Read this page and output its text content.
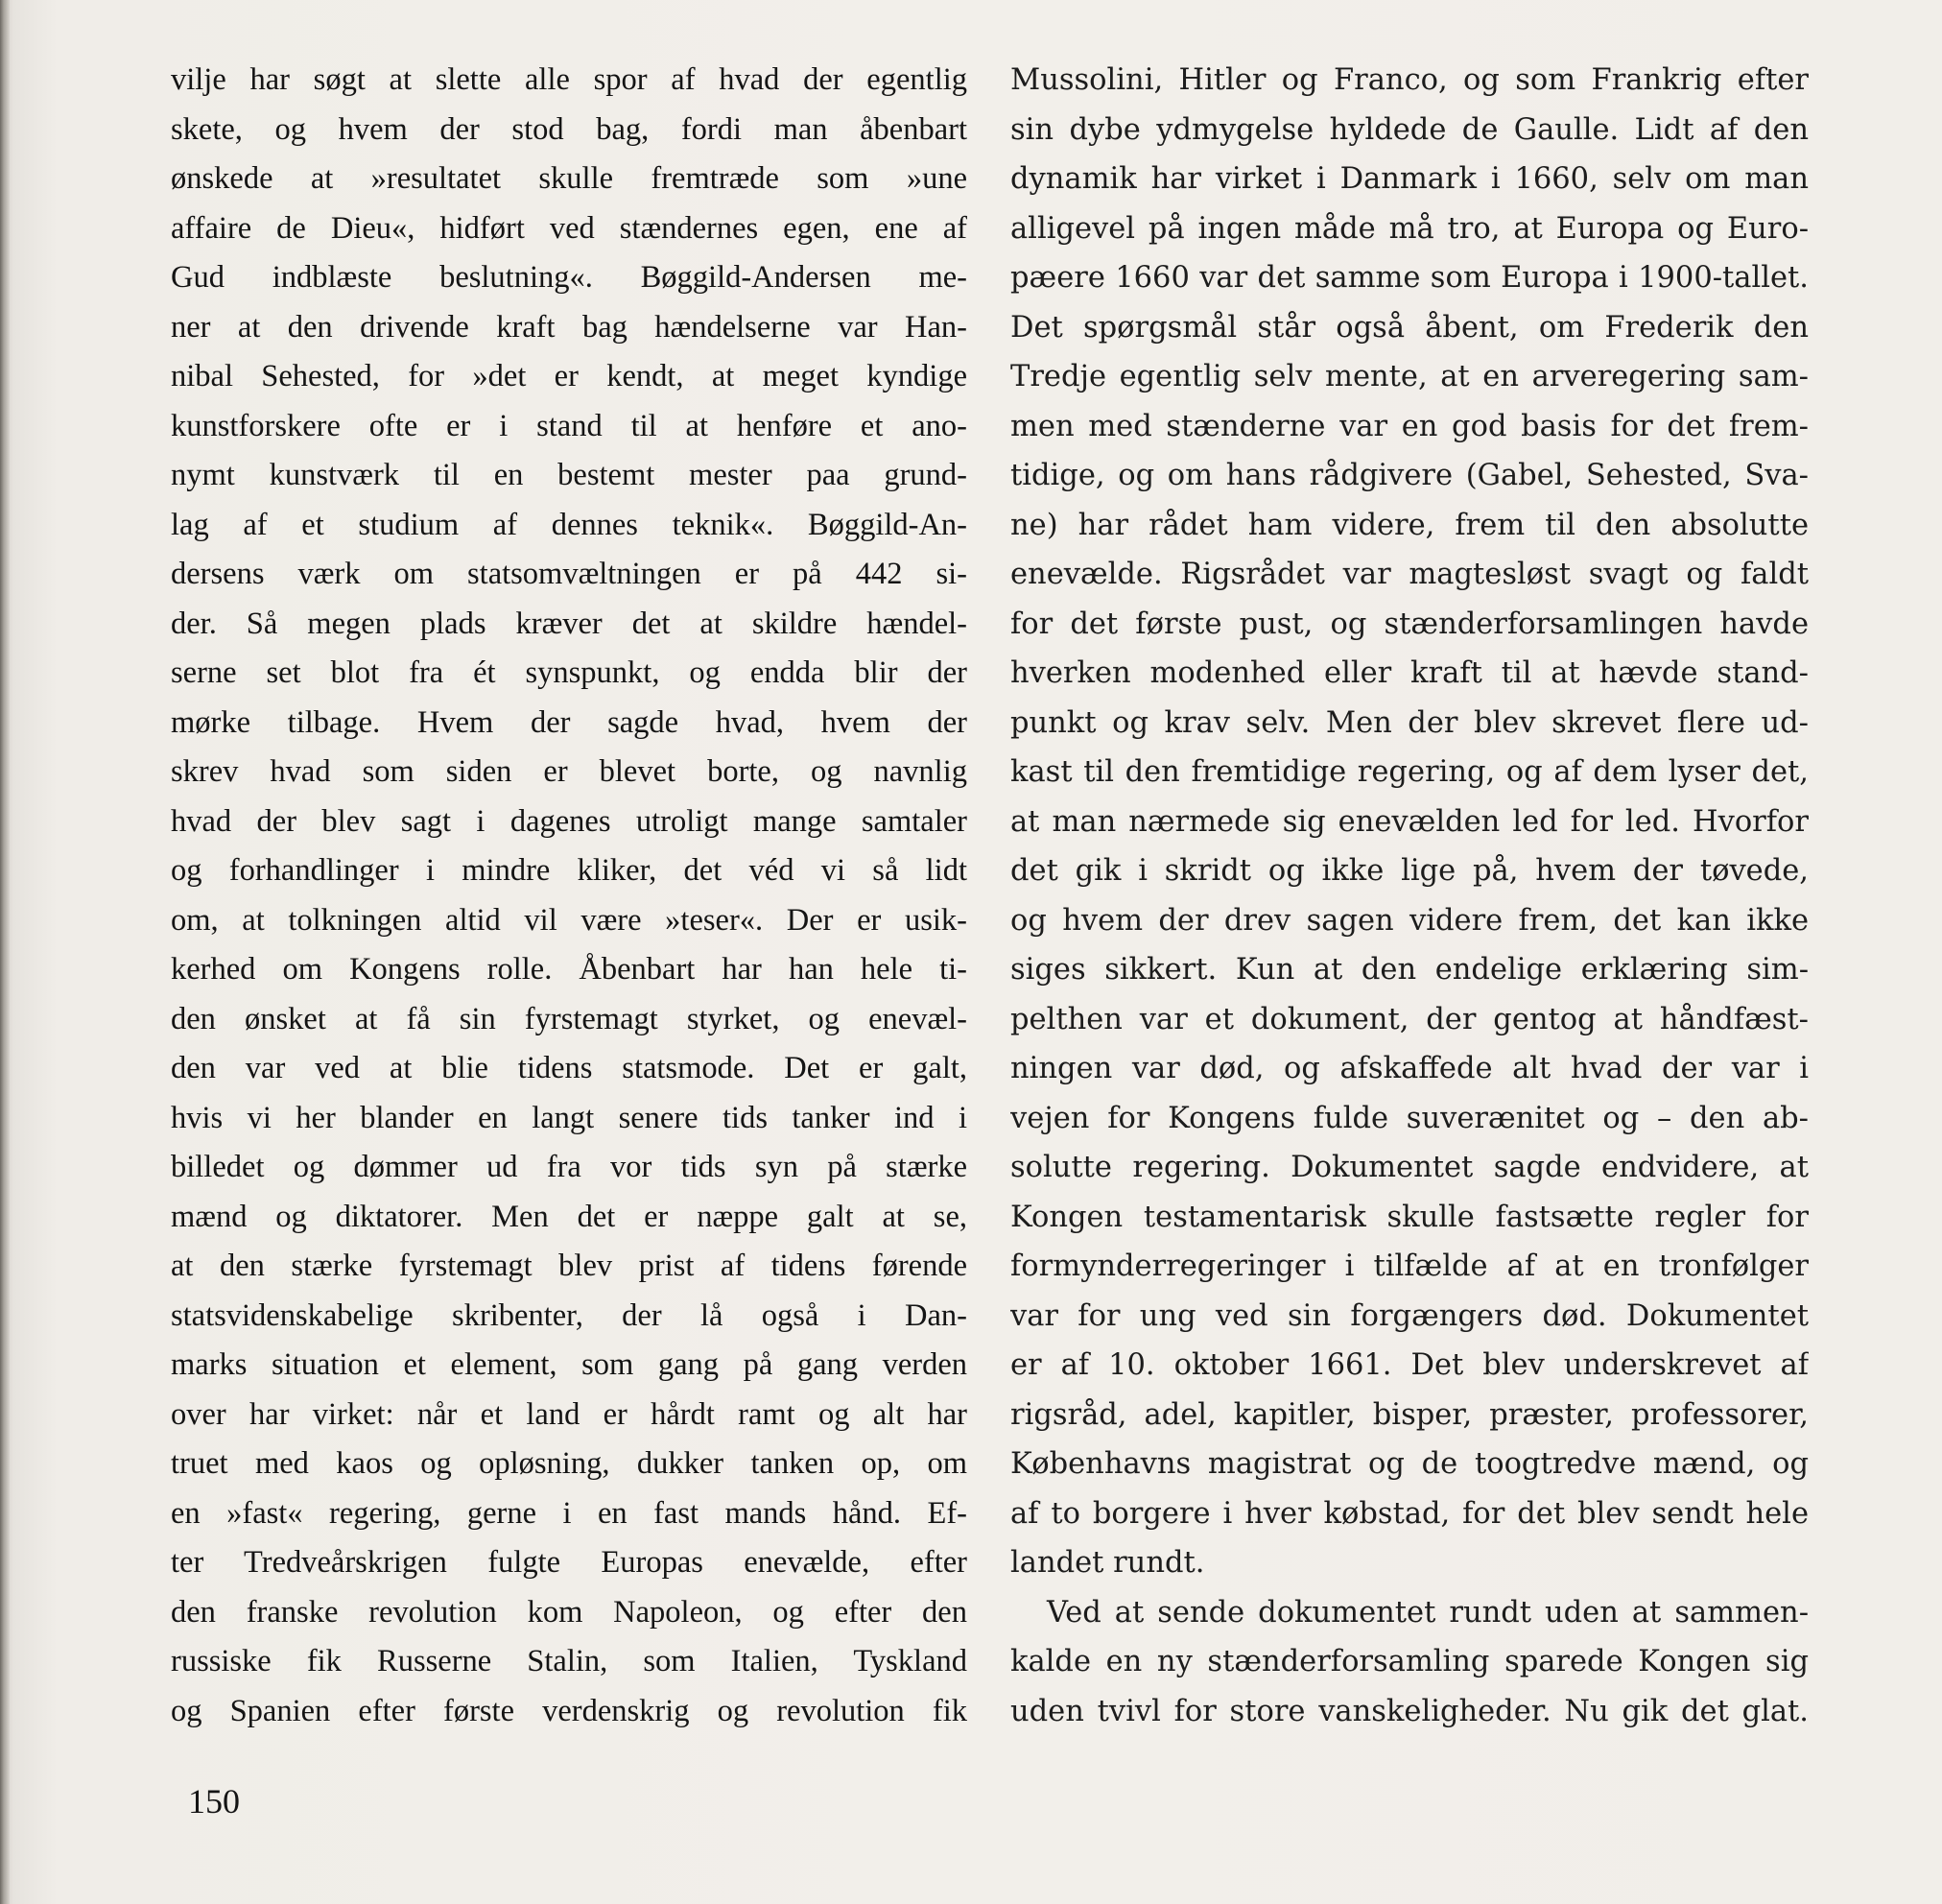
vilje har søgt at slette alle spor af hvad der egentlig
skete, og hvem der stod bag, fordi man åbenbart
ønskede at »resultatet skulle fremtræde som »une
affaire de Dieu«, hidført ved stændernes egen, ene af
Gud indblæste beslutning«. Bøggild-Andersen me-
ner at den drivende kraft bag hændelserne var Han-
nibal Sehested, for »det er kendt, at meget kyndige
kunstforskere ofte er i stand til at henføre et ano-
nymt kunstværk til en bestemt mester paa grund-
lag af et studium af dennes teknik«. Bøggild-An-
dersens værk om statsomvæltningen er på 442 si-
der. Så megen plads kræver det at skildre hændel-
serne set blot fra ét synspunkt, og endda blir der
mørke tilbage. Hvem der sagde hvad, hvem der
skrev hvad som siden er blevet borte, og navnlig
hvad der blev sagt i dagenes utroligt mange samtaler
og forhandlinger i mindre kliker, det véd vi så lidt
om, at tolkningen altid vil være »teser«. Der er usik-
kerhed om Kongens rolle. Åbenbart har han hele ti-
den ønsket at få sin fyrstemagt styrket, og enevæl-
den var ved at blie tidens statsmode. Det er galt,
hvis vi her blander en langt senere tids tanker ind i
billedet og dømmer ud fra vor tids syn på stærke
mænd og diktatorer. Men det er næppe galt at se,
at den stærke fyrstemagt blev prist af tidens førende
statsvidenskabelige skribenter, der lå også i Dan-
marks situation et element, som gang på gang verden
over har virket: når et land er hårdt ramt og alt har
truet med kaos og opløsning, dukker tanken op, om
en »fast« regering, gerne i en fast mands hånd. Ef-
ter Tredveårskrigen fulgte Europas enevælde, efter
den franske revolution kom Napoleon, og efter den
russiske fik Russerne Stalin, som Italien, Tyskland
og Spanien efter første verdenskrig og revolution fik
Mussolini, Hitler og Franco, og som Frankrig efter
sin dybe ydmygelse hyldede de Gaulle. Lidt af den
dynamik har virket i Danmark i 1660, selv om man
alligevel på ingen måde må tro, at Europa og Euro-
pæere 1660 var det samme som Europa i 1900-tallet.
Det spørgsmål står også åbent, om Frederik den
Tredje egentlig selv mente, at en arveregering sam-
men med stænderne var en god basis for det frem-
tidige, og om hans rådgivere (Gabel, Sehested, Sva-
ne) har rådet ham videre, frem til den absolutte
enevælde. Rigsrådet var magtesløst svagt og faldt
for det første pust, og stænderforsamlingen havde
hverken modenhed eller kraft til at hævde stand-
punkt og krav selv. Men der blev skrevet flere ud-
kast til den fremtidige regering, og af dem lyser det,
at man nærmede sig enevælden led for led. Hvorfor
det gik i skridt og ikke lige på, hvem der tøvede,
og hvem der drev sagen videre frem, det kan ikke
siges sikkert. Kun at den endelige erklæring sim-
pelthen var et dokument, der gentog at håndfæst-
ningen var død, og afskaffede alt hvad der var i
vejen for Kongens fulde suverænitet og – den ab-
solutte regering. Dokumentet sagde endvidere, at
Kongen testamentarisk skulle fastsætte regler for
formynderregeringer i tilfælde af at en tronfølger
var for ung ved sin forgængers død. Dokumentet
er af 10. oktober 1661. Det blev underskrevet af
rigsråd, adel, kapitler, bisper, præster, professorer,
Københavns magistrat og de toogtredve mænd, og
af to borgere i hver købstad, for det blev sendt hele
landet rundt.
Ved at sende dokumentet rundt uden at sammen-
kalde en ny stænderforsamling sparede Kongen sig
uden tvivl for store vanskeligheder. Nu gik det glat.
150
